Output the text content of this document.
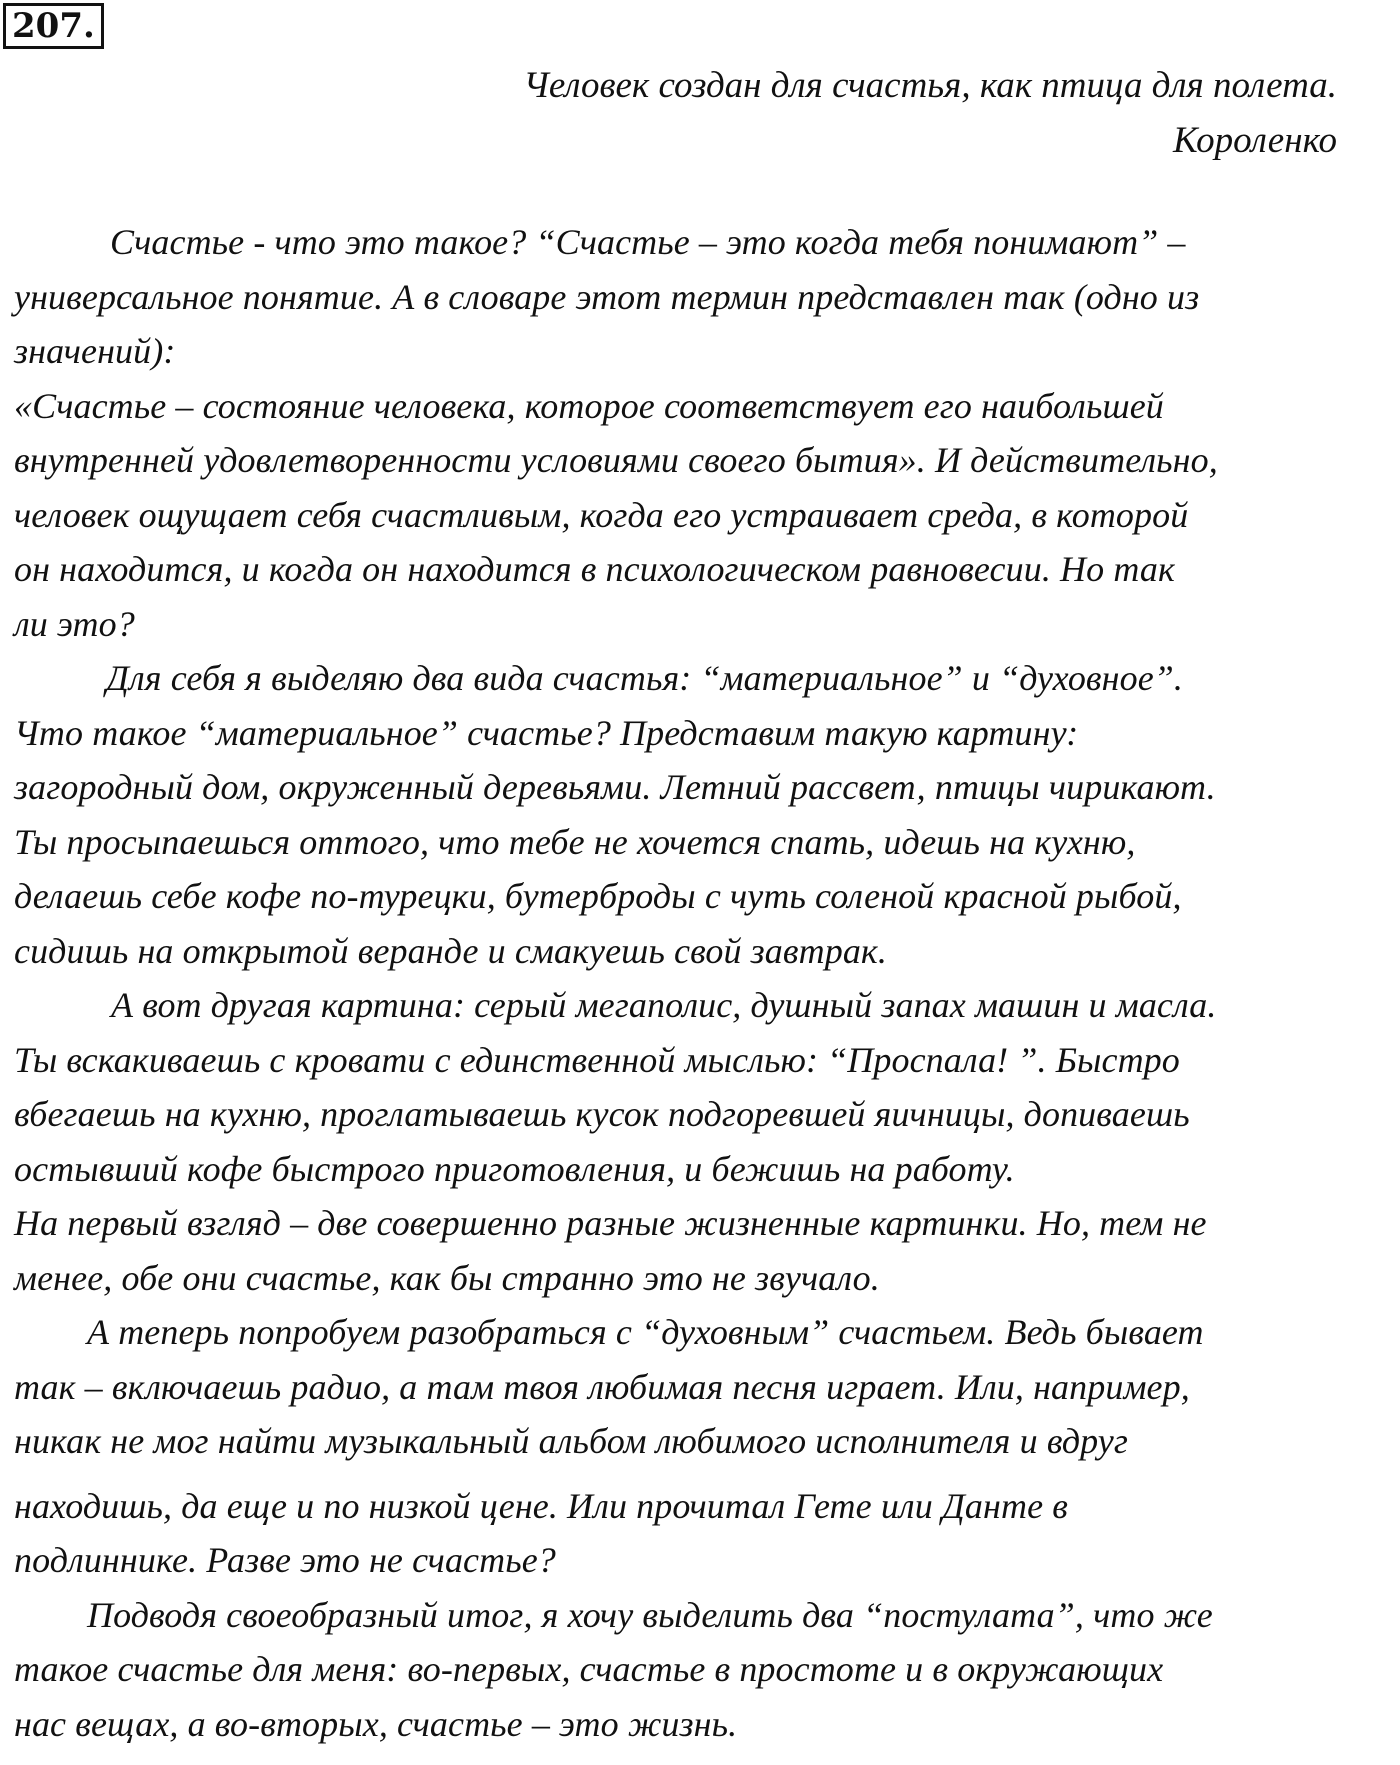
207.
Человек создан для счастья, как птица для полета.
Короленко
Счастье - что это такое? “Счастье – это когда тебя понимают” –
универсальное понятие. А в словаре этот термин представлен так (одно из
значений):
«Счастье – состояние человека, которое соответствует его наибольшей
внутренней удовлетворенности условиями своего бытия». И действительно,
человек ощущает себя счастливым, когда его устраивает среда, в которой
он находится, и когда он находится в психологическом равновесии. Но так
ли это?
Для себя я выделяю два вида счастья: “материальное” и “духовное”.
Что такое “материальное” счастье? Представим такую картину:
загородный дом, окруженный деревьями. Летний рассвет, птицы чирикают.
Ты просыпаешься оттого, что тебе не хочется спать, идешь на кухню,
делаешь себе кофе по-турецки, бутерброды с чуть соленой красной рыбой,
сидишь на открытой веранде и смакуешь свой завтрак.
А вот другая картина: серый мегаполис, душный запах машин и масла.
Ты вскакиваешь с кровати с единственной мыслью: “Проспала! ”. Быстро
вбегаешь на кухню, проглатываешь кусок подгоревшей яичницы, допиваешь
остывший кофе быстрого приготовления, и бежишь на работу.
На первый взгляд – две совершенно разные жизненные картинки. Но, тем не
менее, обе они счастье, как бы странно это не звучало.
А теперь попробуем разобраться с “духовным” счастьем. Ведь бывает
так – включаешь радио, а там твоя любимая песня играет. Или, например,
никак не мог найти музыкальный альбом любимого исполнителя и вдруг
находишь, да еще и по низкой цене. Или прочитал Гете или Данте в
подлиннике. Разве это не счастье?
Подводя своеобразный итог, я хочу выделить два “постулата”, что же
такое счастье для меня: во-первых, счастье в простоте и в окружающих
нас вещах, а во-вторых, счастье – это жизнь.
